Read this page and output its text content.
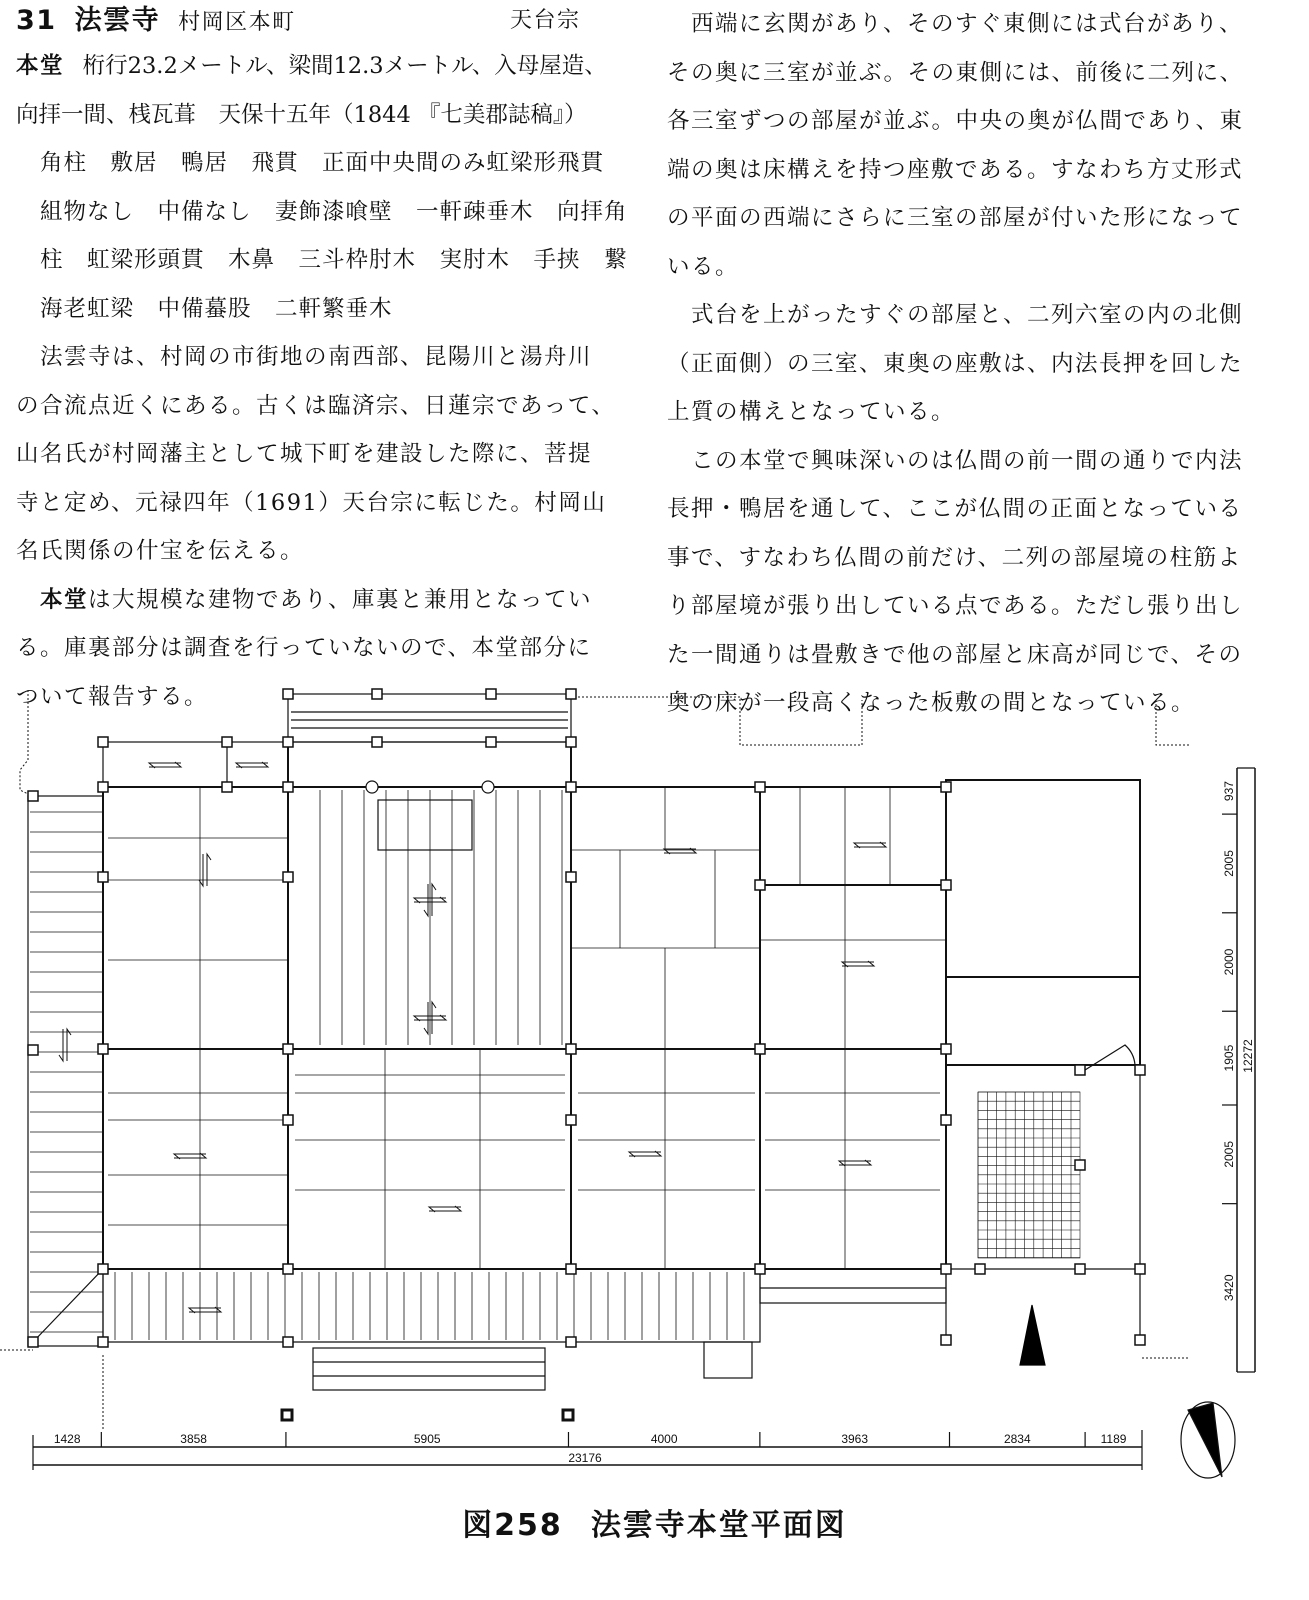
31 法雲寺 村岡区本町	天台宗
本堂 桁行23.2メートル、梁間12.3メートル、入母屋造、
向拝一間、桟瓦葺　天保十五年（1844 『七美郡誌稿』）
角柱　敷居　鴨居　飛貫　正面中央間のみ虹梁形飛貫
組物なし　中備なし　妻飾漆喰壁　一軒疎垂木　向拝角
柱　虹梁形頭貫　木鼻　三斗枠肘木　実肘木　手挟　繋
海老虹梁　中備蟇股　二軒繁垂木
法雲寺は、村岡の市街地の南西部、昆陽川と湯舟川
の合流点近くにある。古くは臨済宗、日蓮宗であって、
山名氏が村岡藩主として城下町を建設した際に、菩提
寺と定め、元禄四年（1691）天台宗に転じた。村岡山
名氏関係の什宝を伝える。
本堂は大規模な建物であり、庫裏と兼用となってい
る。庫裏部分は調査を行っていないので、本堂部分に
ついて報告する。
西端に玄関があり、そのすぐ東側には式台があり、
その奥に三室が並ぶ。その東側には、前後に二列に、
各三室ずつの部屋が並ぶ。中央の奥が仏間であり、東
端の奥は床構えを持つ座敷である。すなわち方丈形式
の平面の西端にさらに三室の部屋が付いた形になって
いる。
式台を上がったすぐの部屋と、二列六室の内の北側
（正面側）の三室、東奥の座敷は、内法長押を回した
上質の構えとなっている。
この本堂で興味深いのは仏間の前一間の通りで内法
長押・鴨居を通して、ここが仏間の正面となっている
事で、すなわち仏間の前だけ、二列の部屋境の柱筋よ
り部屋境が張り出している点である。ただし張り出し
た一間通りは畳敷きで他の部屋と床高が同じで、その
奥の床が一段高くなった板敷の間となっている。
937
2005
2000
1905
2005
3420
12272
1428	3858	5905	4000	3963	2834	1189
23176
図258 法雲寺本堂平面図
